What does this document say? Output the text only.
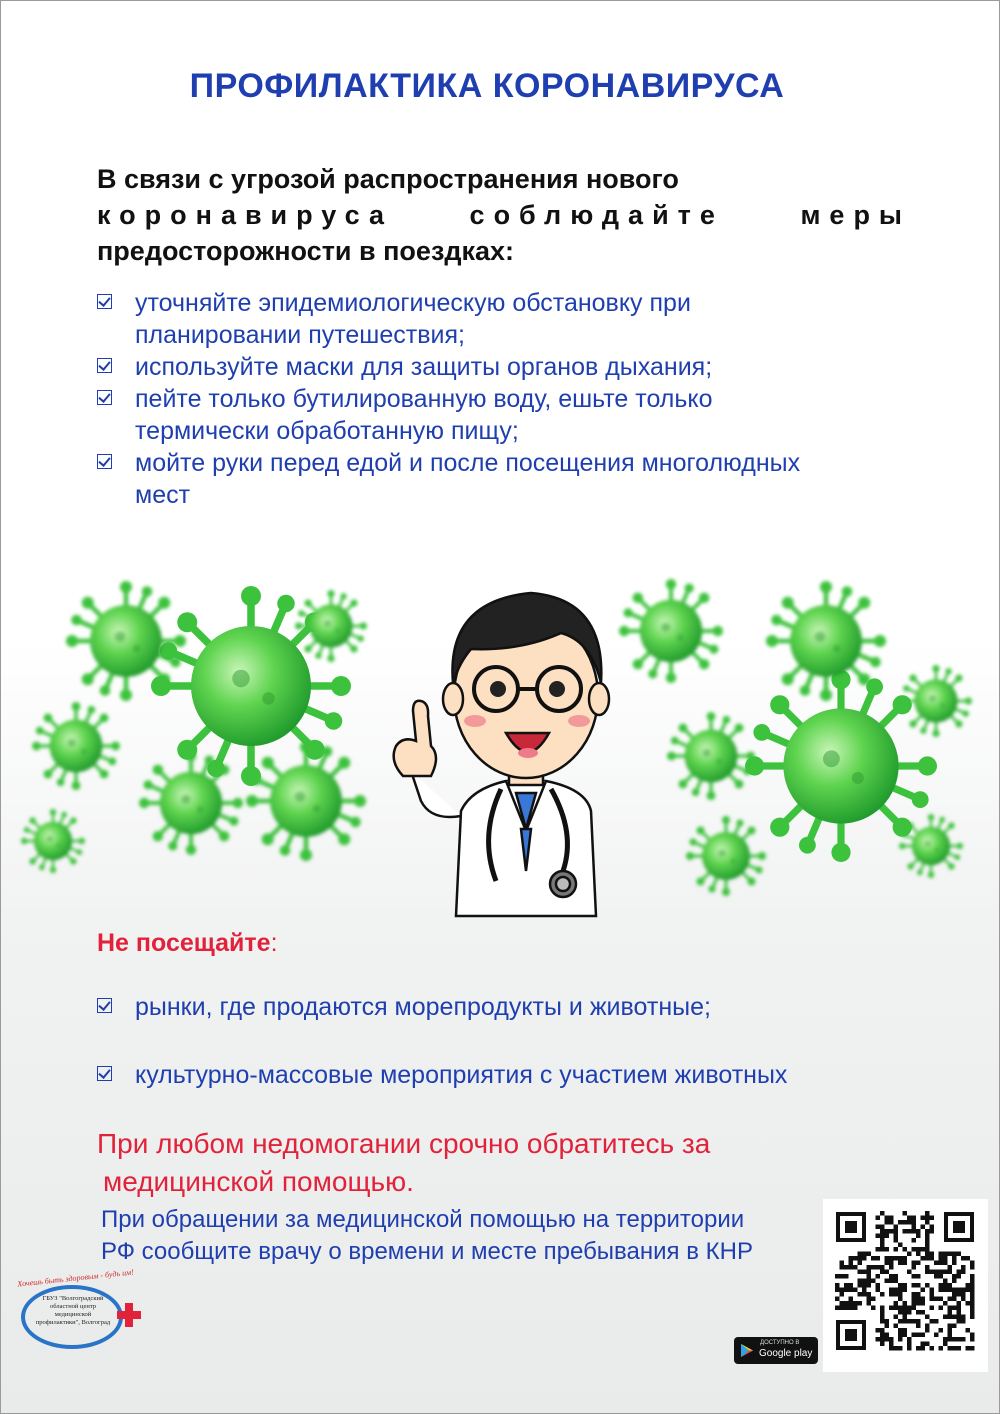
ПРОФИЛАКТИКА КОРОНАВИРУСА
В связи с угрозой распространения нового
коронавируса соблюдайте меры
предосторожности в поездках:
уточняйте эпидемиологическую обстановку при
планировании путешествия;
используйте маски для защиты органов дыхания;
пейте только бутилированную воду, ешьте только
термически обработанную пищу;
мойте руки перед едой и после посещения многолюдных
мест
Не посещайте:
рынки, где продаются морепродукты и животные;
культурно-массовые мероприятия с участием животных
При любом недомогании срочно обратитесь за
медицинской помощью.
При обращении за медицинской помощью на территории
РФ сообщите врачу о времени и месте пребывания в КНР
ДОСТУПНО В
Google play
Хочешь быть здоровым - будь им!
ГБУЗ "Волгоградский областной центр медицинской профилактики", Волгоград
